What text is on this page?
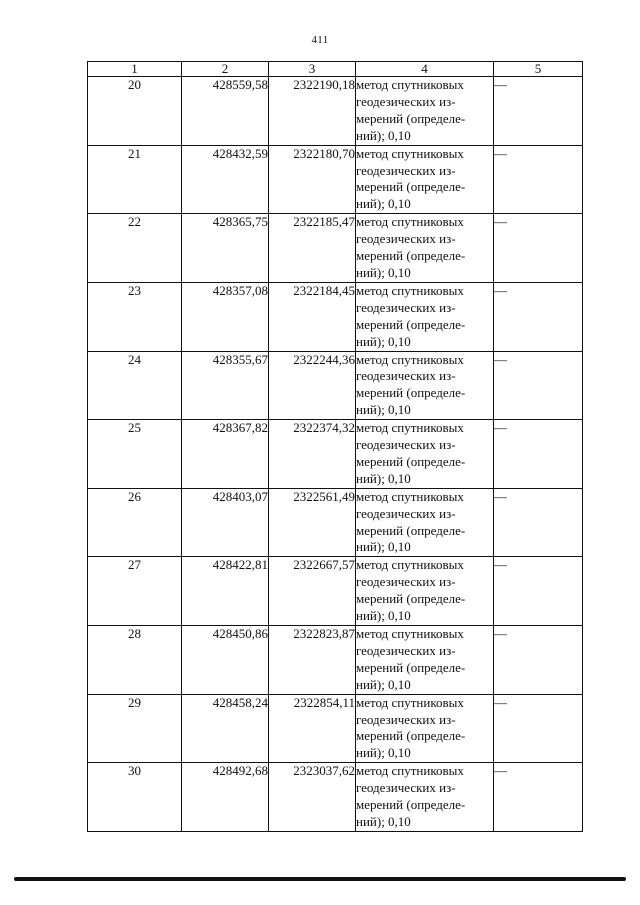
411
1	2	3	4	5
20	428559,58	2322190,18	метод спутниковых
геодезических из-
мерений (определе-
ний); 0,10	—
21	428432,59	2322180,70	метод спутниковых
геодезических из-
мерений (определе-
ний); 0,10	—
22	428365,75	2322185,47	метод спутниковых
геодезических из-
мерений (определе-
ний); 0,10	—
23	428357,08	2322184,45	метод спутниковых
геодезических из-
мерений (определе-
ний); 0,10	—
24	428355,67	2322244,36	метод спутниковых
геодезических из-
мерений (определе-
ний); 0,10	—
25	428367,82	2322374,32	метод спутниковых
геодезических из-
мерений (определе-
ний); 0,10	—
26	428403,07	2322561,49	метод спутниковых
геодезических из-
мерений (определе-
ний); 0,10	—
27	428422,81	2322667,57	метод спутниковых
геодезических из-
мерений (определе-
ний); 0,10	—
28	428450,86	2322823,87	метод спутниковых
геодезических из-
мерений (определе-
ний); 0,10	—
29	428458,24	2322854,11	метод спутниковых
геодезических из-
мерений (определе-
ний); 0,10	—
30	428492,68	2323037,62	метод спутниковых
геодезических из-
мерений (определе-
ний); 0,10	—
